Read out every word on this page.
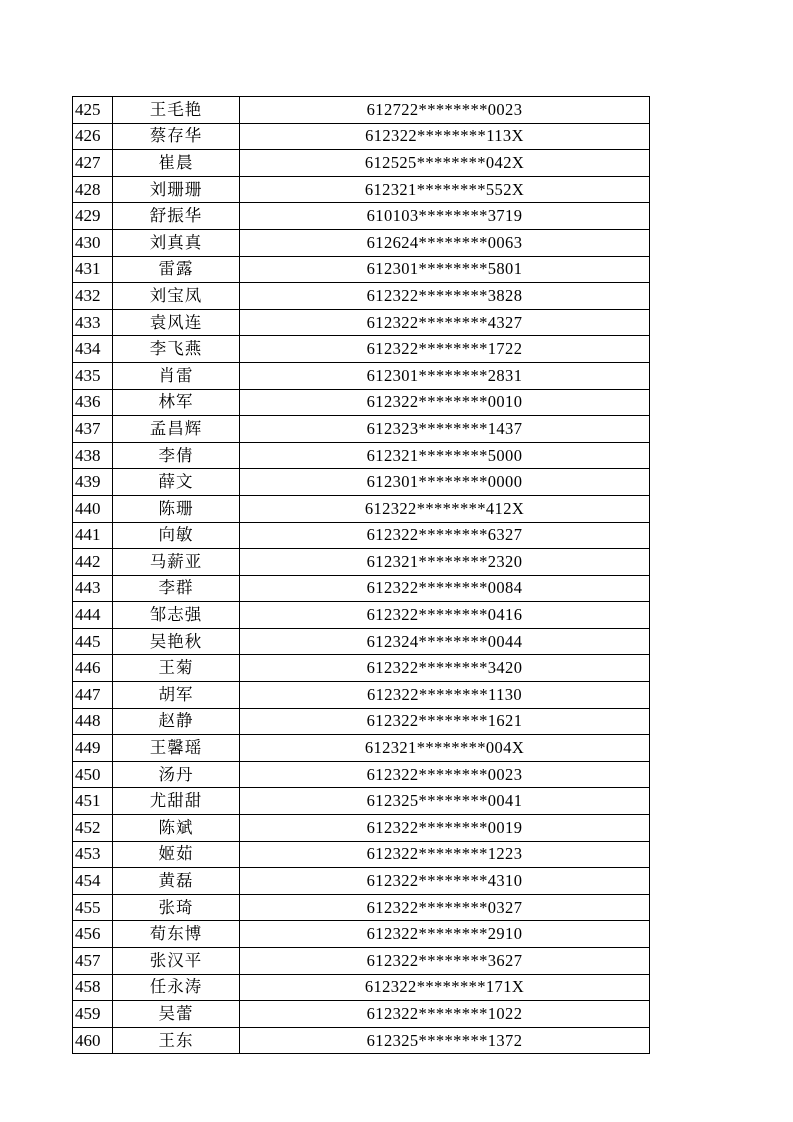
425	王毛艳	612722********0023
426	蔡存华	612322********113X
427	崔晨	612525********042X
428	刘珊珊	612321********552X
429	舒振华	610103********3719
430	刘真真	612624********0063
431	雷露	612301********5801
432	刘宝凤	612322********3828
433	袁风连	612322********4327
434	李飞燕	612322********1722
435	肖雷	612301********2831
436	林军	612322********0010
437	孟昌辉	612323********1437
438	李倩	612321********5000
439	薛文	612301********0000
440	陈珊	612322********412X
441	向敏	612322********6327
442	马薪亚	612321********2320
443	李群	612322********0084
444	邹志强	612322********0416
445	吴艳秋	612324********0044
446	王菊	612322********3420
447	胡军	612322********1130
448	赵静	612322********1621
449	王馨瑶	612321********004X
450	汤丹	612322********0023
451	尤甜甜	612325********0041
452	陈斌	612322********0019
453	姬茹	612322********1223
454	黄磊	612322********4310
455	张琦	612322********0327
456	荀东博	612322********2910
457	张汉平	612322********3627
458	任永涛	612322********171X
459	吴蕾	612322********1022
460	王东	612325********1372
